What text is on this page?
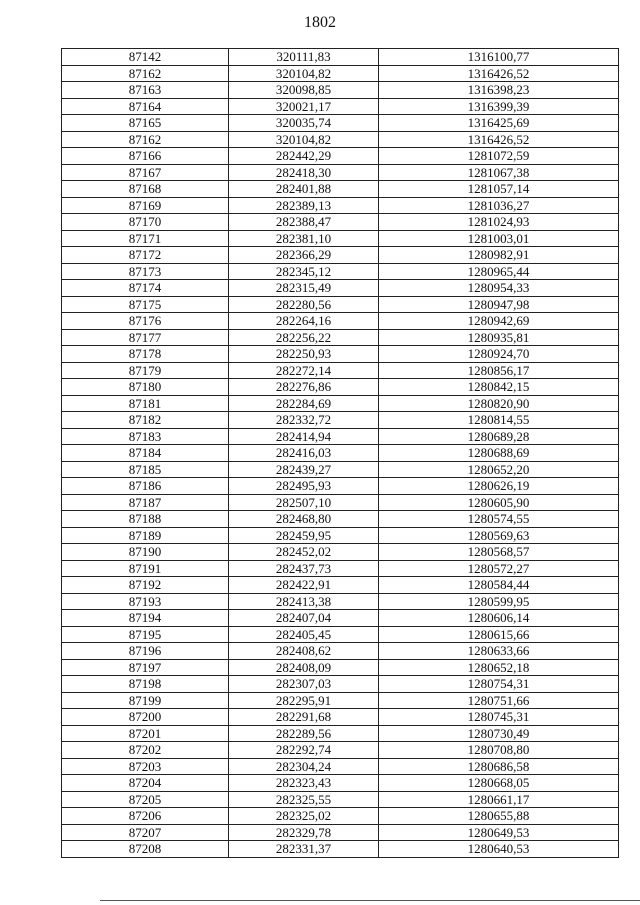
1802
87142	320111,83	1316100,77
87162	320104,82	1316426,52
87163	320098,85	1316398,23
87164	320021,17	1316399,39
87165	320035,74	1316425,69
87162	320104,82	1316426,52
87166	282442,29	1281072,59
87167	282418,30	1281067,38
87168	282401,88	1281057,14
87169	282389,13	1281036,27
87170	282388,47	1281024,93
87171	282381,10	1281003,01
87172	282366,29	1280982,91
87173	282345,12	1280965,44
87174	282315,49	1280954,33
87175	282280,56	1280947,98
87176	282264,16	1280942,69
87177	282256,22	1280935,81
87178	282250,93	1280924,70
87179	282272,14	1280856,17
87180	282276,86	1280842,15
87181	282284,69	1280820,90
87182	282332,72	1280814,55
87183	282414,94	1280689,28
87184	282416,03	1280688,69
87185	282439,27	1280652,20
87186	282495,93	1280626,19
87187	282507,10	1280605,90
87188	282468,80	1280574,55
87189	282459,95	1280569,63
87190	282452,02	1280568,57
87191	282437,73	1280572,27
87192	282422,91	1280584,44
87193	282413,38	1280599,95
87194	282407,04	1280606,14
87195	282405,45	1280615,66
87196	282408,62	1280633,66
87197	282408,09	1280652,18
87198	282307,03	1280754,31
87199	282295,91	1280751,66
87200	282291,68	1280745,31
87201	282289,56	1280730,49
87202	282292,74	1280708,80
87203	282304,24	1280686,58
87204	282323,43	1280668,05
87205	282325,55	1280661,17
87206	282325,02	1280655,88
87207	282329,78	1280649,53
87208	282331,37	1280640,53
